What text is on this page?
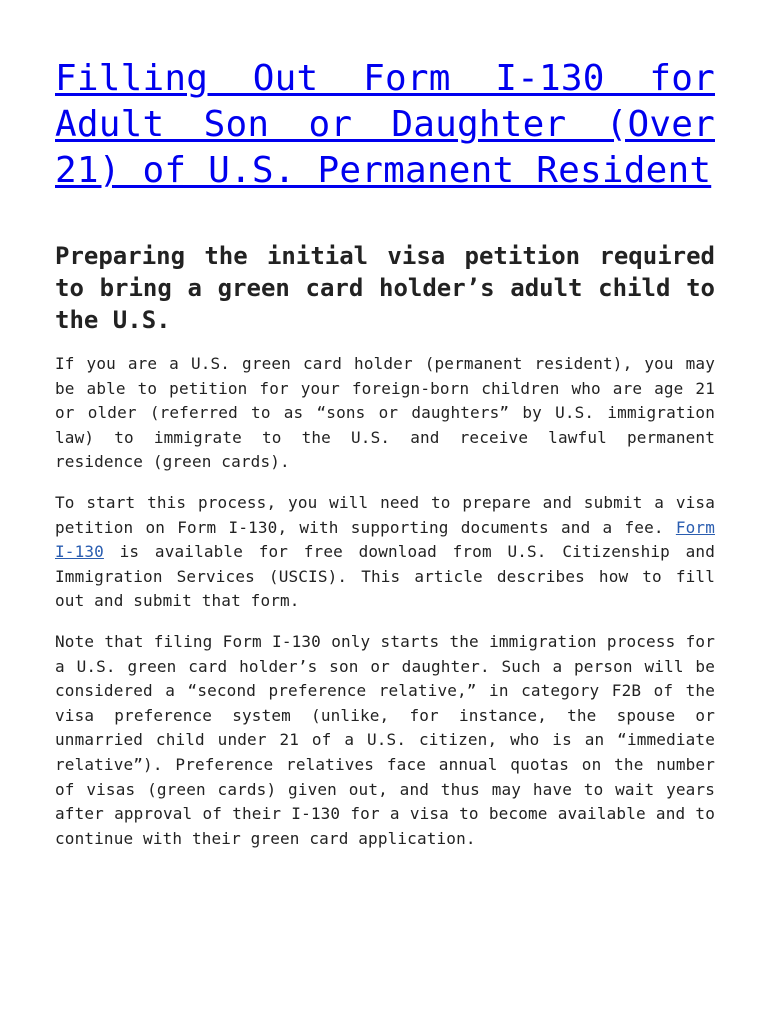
Filling Out Form I-130 for Adult Son or Daughter (Over 21) of U.S. Permanent Resident
Preparing the initial visa petition required to bring a green card holder’s adult child to the U.S.

If you are a U.S. green card holder (permanent resident), you may be able to petition for your foreign-born children who are age 21 or older (referred to as “sons or daughters” by U.S. immigration law) to immigrate to the U.S. and receive lawful permanent residence (green cards).

To start this process, you will need to prepare and submit a visa petition on Form I-130, with supporting documents and a fee. Form I-130 is available for free download from U.S. Citizenship and Immigration Services (USCIS). This article describes how to fill out and submit that form.

Note that filing Form I-130 only starts the immigration process for a U.S. green card holder’s son or daughter. Such a person will be considered a “second preference relative,” in category F2B of the visa preference system (unlike, for instance, the spouse or unmarried child under 21 of a U.S. citizen, who is an “immediate relative”). Preference relatives face annual quotas on the number of visas (green cards) given out, and thus may have to wait years after approval of their I-130 for a visa to become available and to continue with their green card application.
